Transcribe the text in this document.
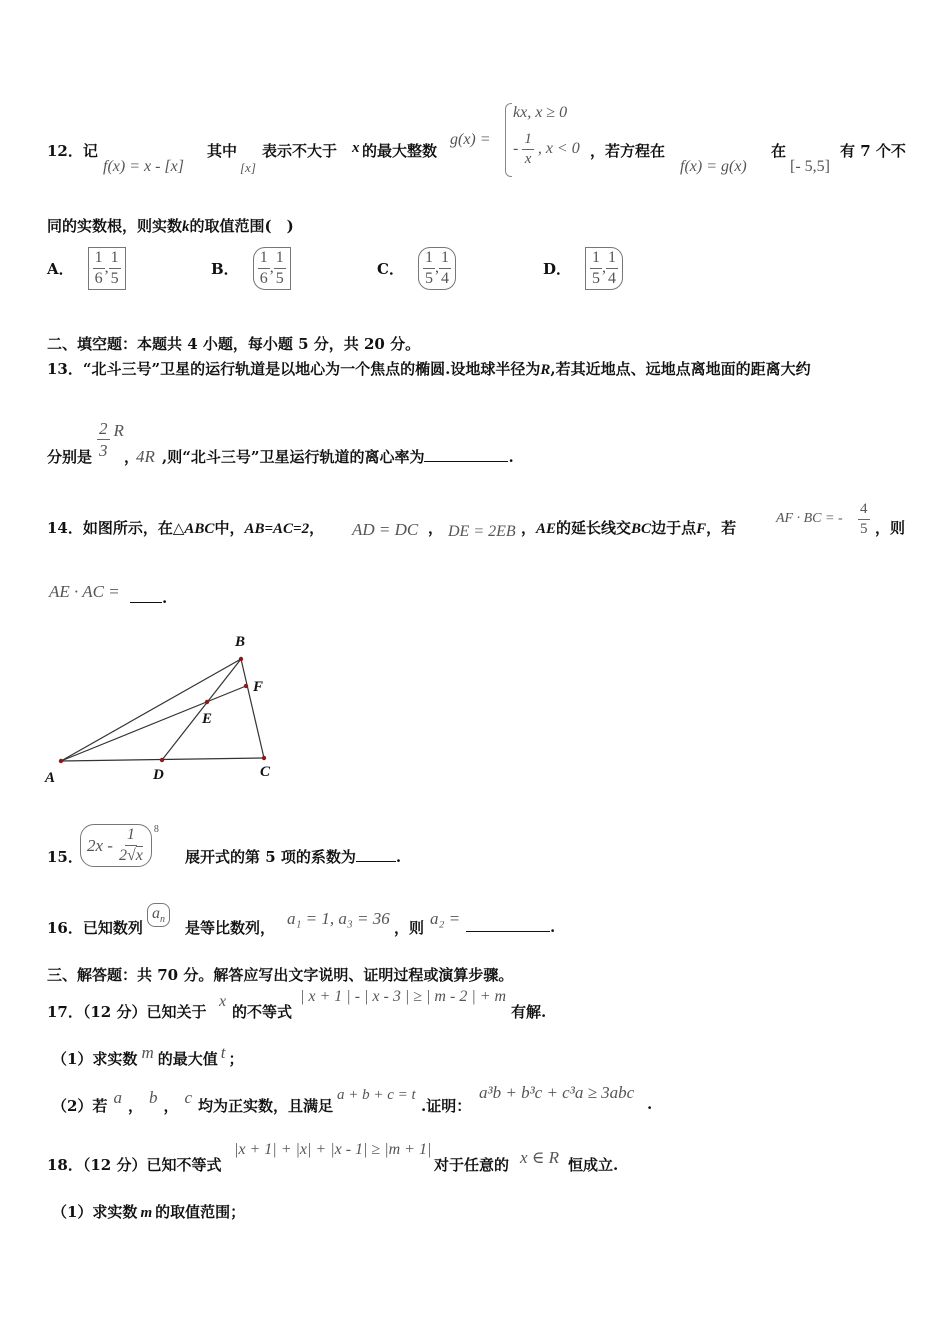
12．记
f(x) = x - [x]
其中
[x]
表示不大于 x 的最大整数
g(x) =
kx, x ≥ 0
- $\frac{1}{x}$ , x < 0 ，若方程在
f(x) = g(x)
在
[- 5,5]
有 7 个不
同的实数根，则实数k的取值范围(　)
A． $\frac{1}{6}$ , $\frac{1}{5}$	B． $\frac{1}{6}$ , $\frac{1}{5}$	C． $\frac{1}{5}$ , $\frac{1}{4}$	D． $\frac{1}{5}$ , $\frac{1}{4}$
二、填空题：本题共 4 小题，每小题 5 分，共 20 分。
13．“北斗三号”卫星的运行轨道是以地心为一个焦点的椭圆.设地球半径为R,若其近地点、远地点离地面的距离大约
分别是 $\frac{2}{3}$ R
，
4R ,则“北斗三号”卫星运行轨道的离心率为	.
14．如图所示，在△ABC中，AB=AC=2， AD = DC ， DE = 2EB ，AE的延长线交BC边于点F，若
AF · BC = - $\frac{4}{5}$ ，则
AE · AC =	.
A
B
C
D
E
F
15．
$2x - \frac{1}{2√x} 8$
展开式的第 5 项的系数为	.
16．已知数列
$a_n$	是等比数列， a₁ = 1, a₃ = 36 ，则 a₂ =	.
三、解答题：共 70 分。解答应写出文字说明、证明过程或演算步骤。
17．（12 分）已知关于
x
的不等式
| x + 1 | - | x - 3 | ≥ | m - 2 | + m
有解.
（1）求实数 m 的最大值 t ；
（2）若 a ， b ， c 均为正实数，且满足
a + b + c = t
.证明：
a³b + b³c + c³a ≥ 3abc
.
18．（12 分）已知不等式
|x + 1| + |x| + |x - 1| ≥ |m + 1|
对于任意的 x ∈ R 恒成立.
（1）求实数 m 的取值范围；
